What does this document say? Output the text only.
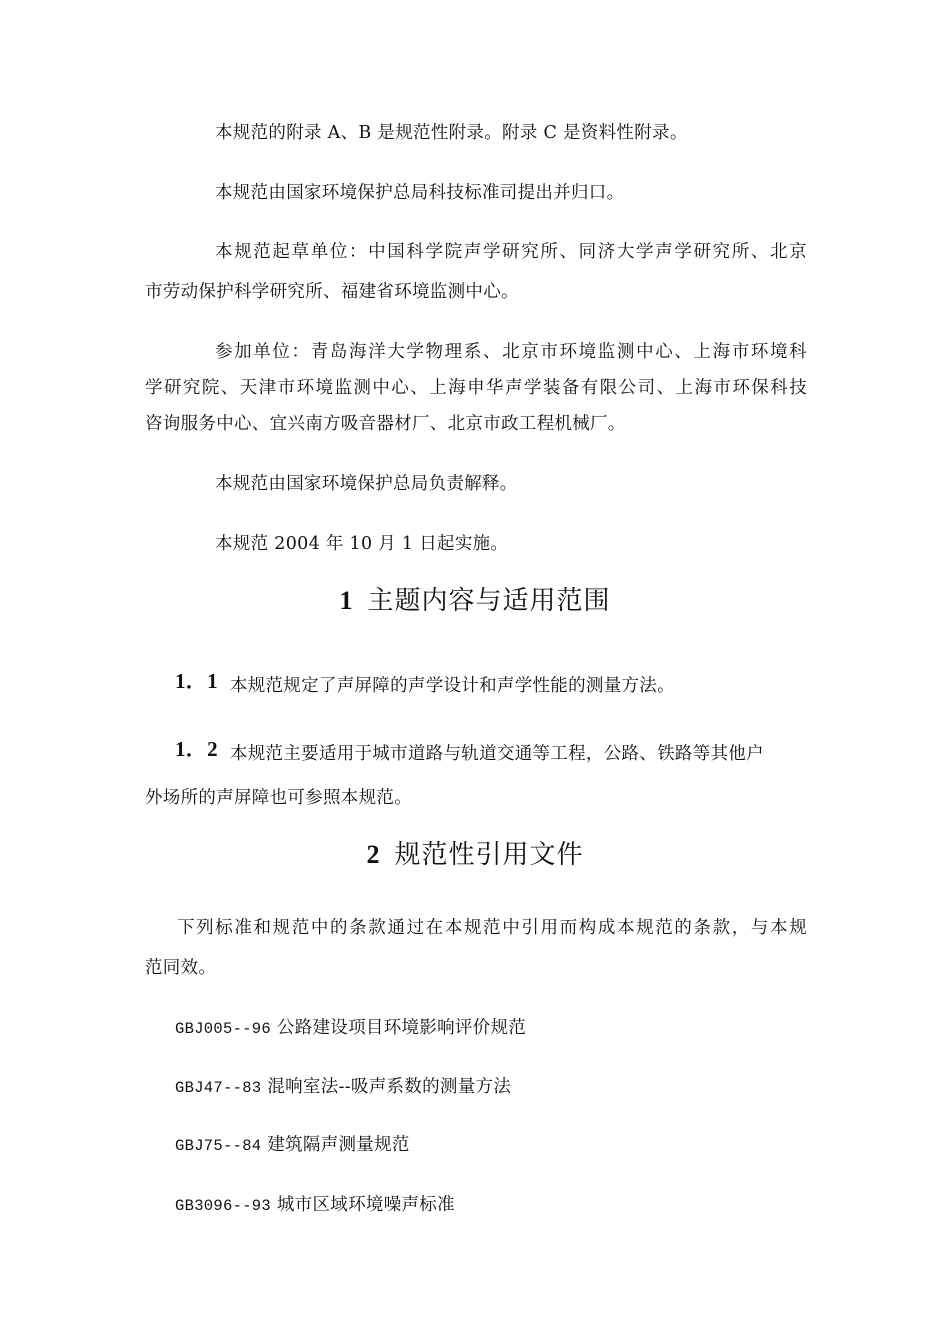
本规范的附录 A、B 是规范性附录。附录 C 是资料性附录。
本规范由国家环境保护总局科技标准司提出并归口。
本规范起草单位：中国科学院声学研究所、同济大学声学研究所、北京
市劳动保护科学研究所、福建省环境监测中心。
参加单位：青岛海洋大学物理系、北京市环境监测中心、上海市环境科
学研究院、天津市环境监测中心、上海申华声学装备有限公司、上海市环保科技
咨询服务中心、宜兴南方吸音器材厂、北京市政工程机械厂。
本规范由国家环境保护总局负责解释。
本规范 2004 年 10 月 1 日起实施。
1 主题内容与适用范围
1．1 本规范规定了声屏障的声学设计和声学性能的测量方法。
1．2 本规范主要适用于城市道路与轨道交通等工程，公路、铁路等其他户
外场所的声屏障也可参照本规范。
2 规范性引用文件
下列标准和规范中的条款通过在本规范中引用而构成本规范的条款，与本规
范同效。
GBJ005--96 公路建设项目环境影响评价规范
GBJ47--83 混响室法--吸声系数的测量方法
GBJ75--84 建筑隔声测量规范
GB3096--93 城市区域环境噪声标准
